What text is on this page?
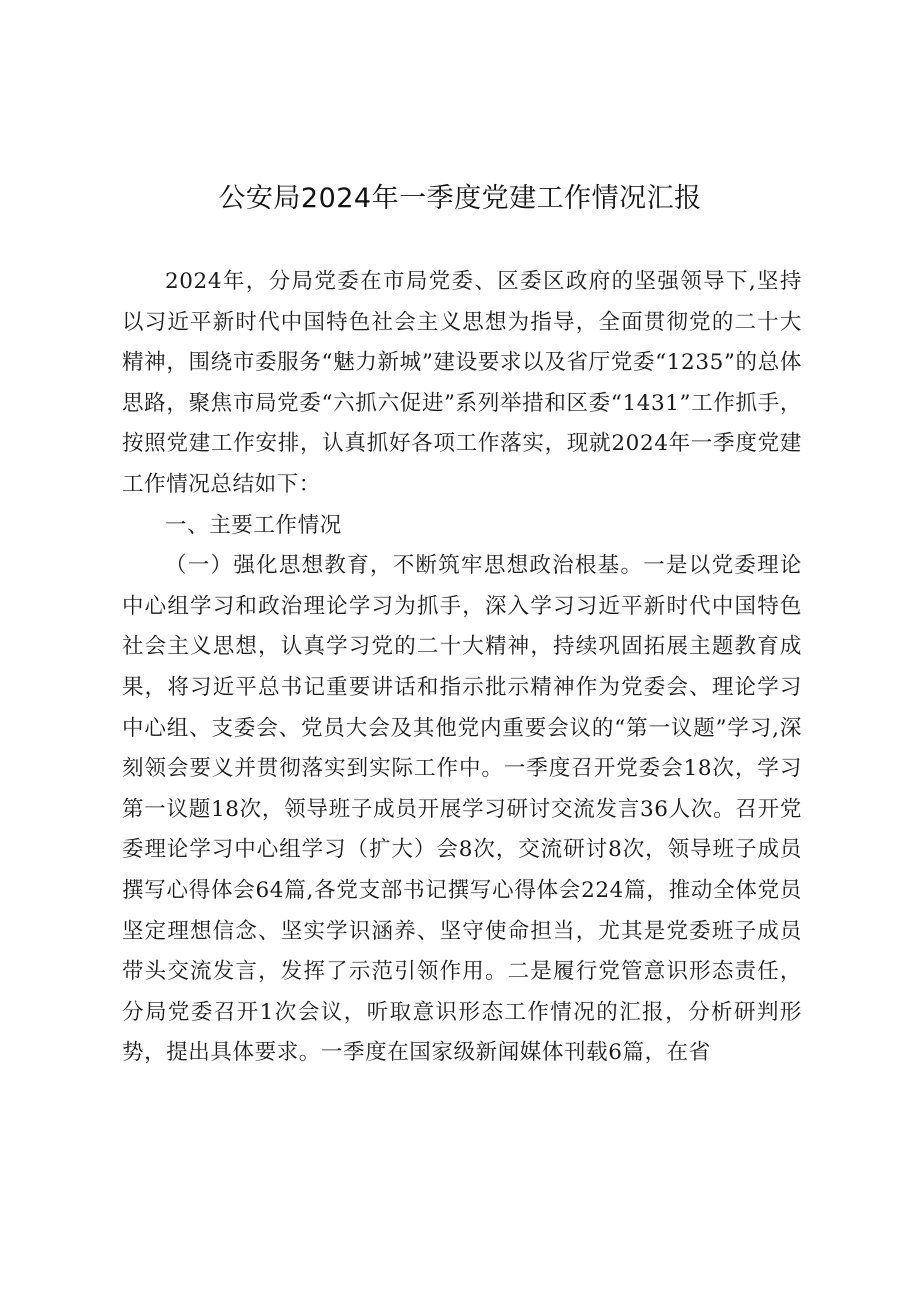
公安局2024年一季度党建工作情况汇报

2024年，分局党委在市局党委、区委区政府的坚强领导下,坚持以习近平新时代中国特色社会主义思想为指导，全面贯彻党的二十大精神，围绕市委服务“魅力新城”建设要求以及省厅党委“1235”的总体思路，聚焦市局党委“六抓六促进”系列举措和区委“1431”工作抓手，按照党建工作安排，认真抓好各项工作落实，现就2024年一季度党建工作情况总结如下：

一、主要工作情况

（一）强化思想教育，不断筑牢思想政治根基。一是以党委理论中心组学习和政治理论学习为抓手，深入学习习近平新时代中国特色社会主义思想，认真学习党的二十大精神，持续巩固拓展主题教育成果，将习近平总书记重要讲话和指示批示精神作为党委会、理论学习中心组、支委会、党员大会及其他党内重要会议的“第一议题”学习,深刻领会要义并贯彻落实到实际工作中。一季度召开党委会18次，学习第一议题18次，领导班子成员开展学习研讨交流发言36人次。召开党委理论学习中心组学习（扩大）会8次，交流研讨8次，领导班子成员撰写心得体会64篇,各党支部书记撰写心得体会224篇，推动全体党员坚定理想信念、坚实学识涵养、坚守使命担当，尤其是党委班子成员带头交流发言，发挥了示范引领作用。二是履行党管意识形态责任，分局党委召开1次会议，听取意识形态工作情况的汇报，分析研判形势，提出具体要求。一季度在国家级新闻媒体刊载6篇，在省
